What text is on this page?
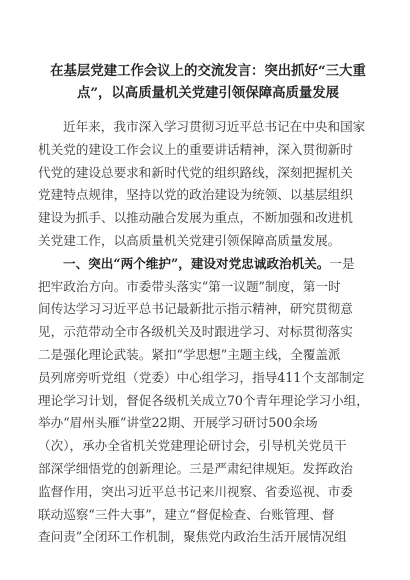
在基层党建工作会议上的交流发言：突出抓好“三大重
点”，以高质量机关党建引领保障高质量发展

近年来，我市深入学习贯彻习近平总书记在中央和国家
机关党的建设工作会议上的重要讲话精神，深入贯彻新时
代党的建设总要求和新时代党的组织路线，深刻把握机关
党建特点规律，坚持以党的政治建设为统领、以基层组织
建设为抓手、以推动融合发展为重点，不断加强和改进机
关党建工作，以高质量机关党建引领保障高质量发展。

一、突出“两个维护”，建设对党忠诚政治机关。一是
把牢政治方向。市委带头落实“第一议题”制度，第一时
间传达学习习近平总书记最新批示指示精神，研究贯彻意
见，示范带动全市各级机关及时跟进学习、对标贯彻落实
二是强化理论武装。紧扣“学思想”主题主线，全覆盖派
员列席旁听党组（党委）中心组学习，指导411个支部制定
理论学习计划，督促各级机关成立70个青年理论学习小组，
举办“眉州头雁”讲堂22期、开展学习研讨500余场
（次），承办全省机关党建理论研讨会，引导机关党员干
部深学细悟党的创新理论。三是严肃纪律规矩。发挥政治
监督作用，突出习近平总书记来川视察、省委巡视、市委
联动巡察“三件大事”，建立“督促检查、台账管理、督
查问责”全闭环工作机制，聚焦党内政治生活开展情况组
